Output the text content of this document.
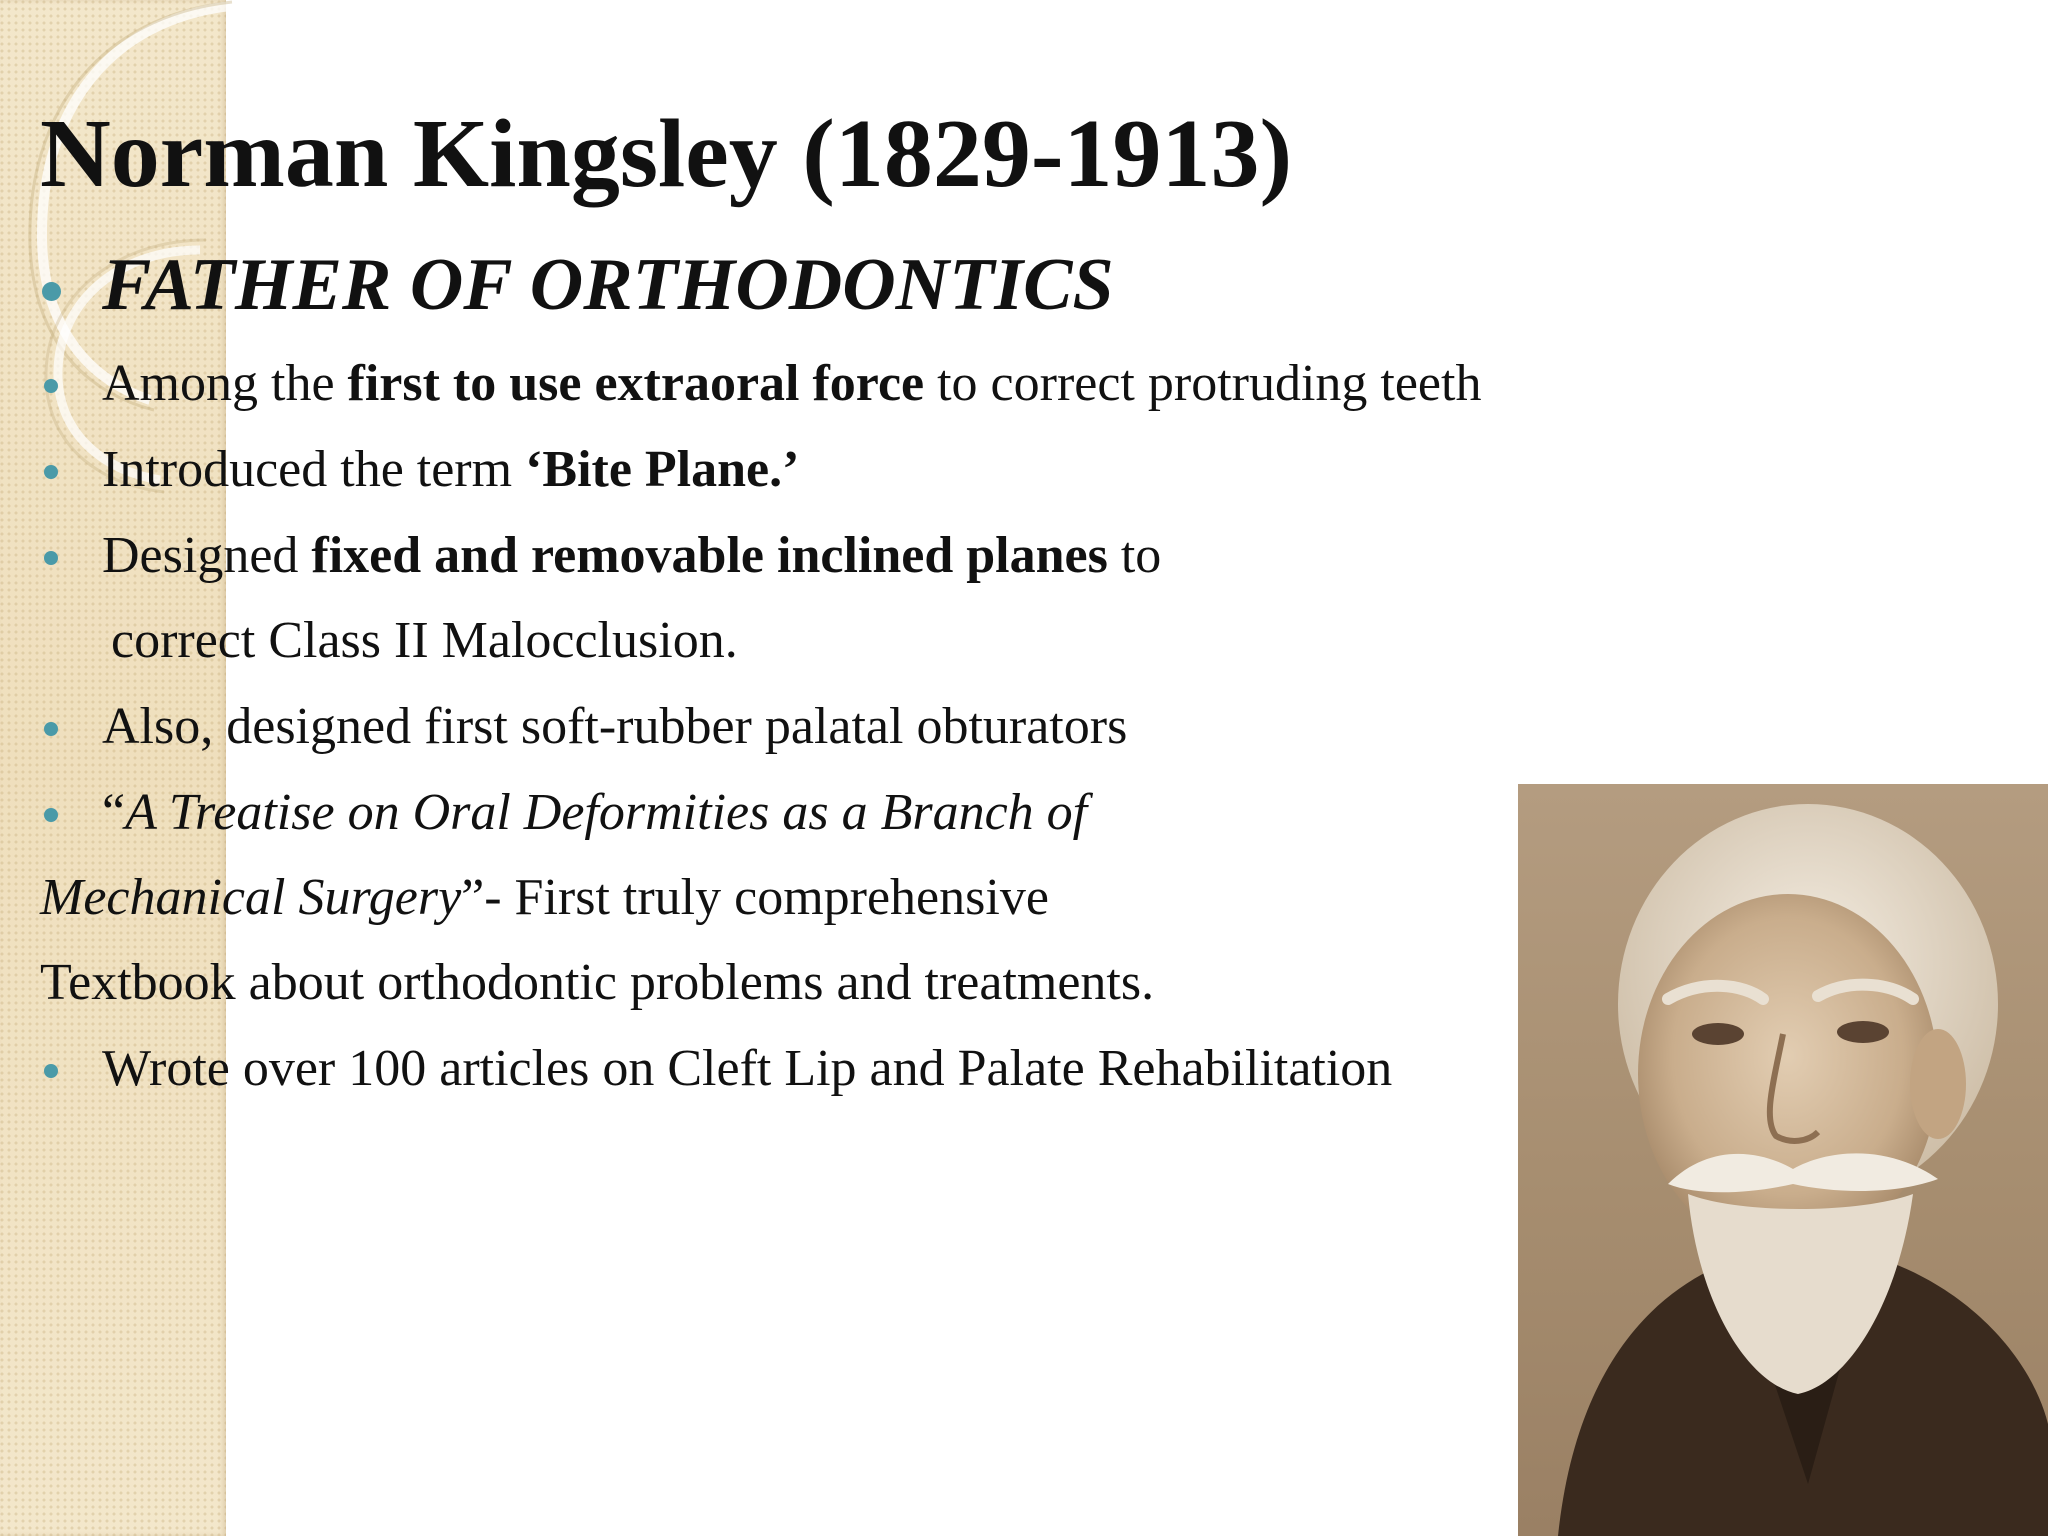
Norman Kingsley (1829-1913)

FATHER OF ORTHODONTICS

Among the first to use extraoral force to correct protruding teeth

Introduced the term ‘Bite Plane.’

Designed fixed and removable inclined planes to

correct Class II Malocclusion.

Also, designed first soft-rubber palatal obturators

“A Treatise on Oral Deformities as a Branch of

Mechanical Surgery”- First truly comprehensive

Textbook about orthodontic problems and treatments.

Wrote over 100 articles on Cleft Lip and Palate Rehabilitation
